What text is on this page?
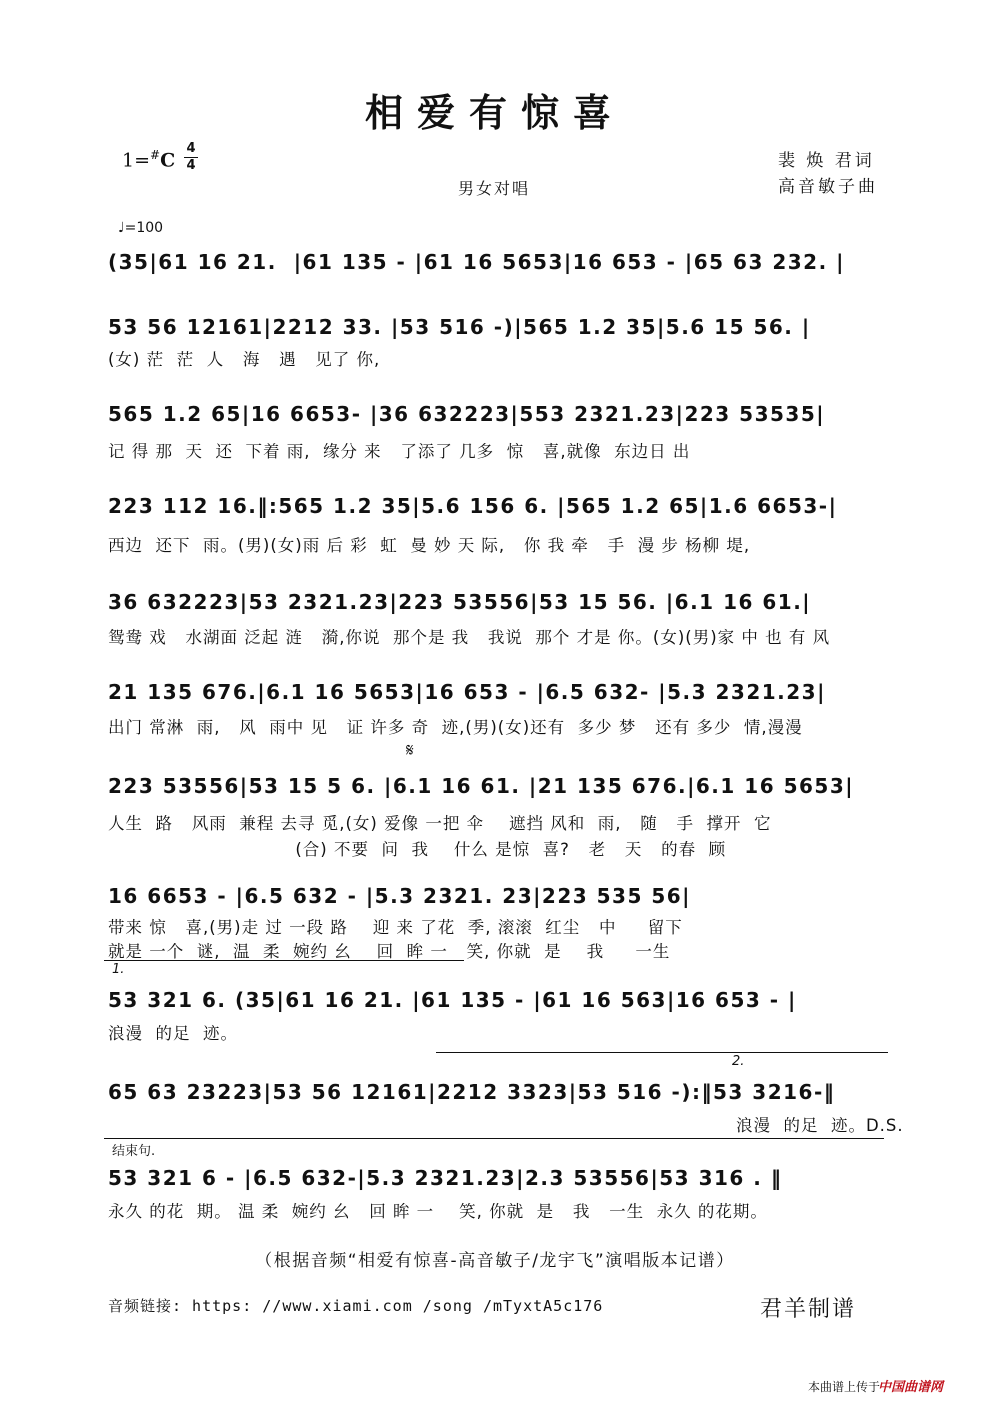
相爱有惊喜
1=#C
4
4	裴 焕 君词
高音敏子曲
男女对唱
♩=100
(35|61 16 21.  |61 135 - |61 16 5653|16 653 - |65 63 232. |
(女) 茫  茫  人   海   遇   见了 你,
53 56 12161|2212 33. |53 516 -)|565 1.2 35|5.6 15 56. |
565 1.2 65|16 6653- |36 632223|553 2321.23|223 53535|
记 得 那  天  还  下着 雨,  缘分 来   了添了 几多  惊   喜,就像  东边日 出
223 112 16.‖:565 1.2 35|5.6 156 6. |565 1.2 65|1.6 6653-|
西边  还下  雨。(男)(女)雨 后 彩  虹  曼 妙 天 际,   你 我 牵   手  漫 步 杨柳 堤,
36 632223|53 2321.23|223 53556|53 15 56. |6.1 16 61.|
鸳鸯 戏   水湖面 泛起 涟   漪,你说  那个是 我   我说  那个 才是 你。(女)(男)家 中 也 有 风
21 135 676.|6.1 16 5653|16 653 - |6.5 632- |5.3 2321.23|
出门 常淋  雨,   风  雨中 见   证 许多 奇  迹,(男)(女)还有  多少 梦   还有 多少  情,漫漫
𝄋
223 53556|53 15 5 6. |6.1 16 61. |21 135 676.|6.1 16 5653|
人生  路   风雨  兼程 去寻 觅,(女) 爱像 一把 伞    遮挡 风和  雨,   随   手  撑开  它
(合) 不要  问  我    什么 是惊  喜?   老   天   的春  顾
16 6653 - |6.5 632 - |5.3 2321. 23|223 535 56|
带来 惊   喜,(男)走 过 一段 路    迎 来 了花  季, 滚滚  红尘   中     留下
就是 一个  谜,  温  柔  婉约 幺    回  眸 一   笑, 你就  是    我     一生
1.
53 321 6. (35|61 16 21. |61 135 - |61 16 563|16 653 - |
浪漫  的足  迹。
2.
65 63 23223|53 56 12161|2212 3323|53 516 -):‖53 3216-‖
浪漫  的足  迹。D.S.
结束句.
53 321 6 - |6.5 632-|5.3 2321.23|2.3 53556|53 316 . ‖
永久 的花  期。 温 柔  婉约 幺   回 眸 一    笑, 你就  是   我   一生  永久 的花期。
（根据音频“相爱有惊喜-高音敏子/龙宇飞”演唱版本记谱）
音频链接: https: //www.xiami.com /song /mTyxtA5c176	君羊制谱
本曲谱上传于
中国曲谱网
